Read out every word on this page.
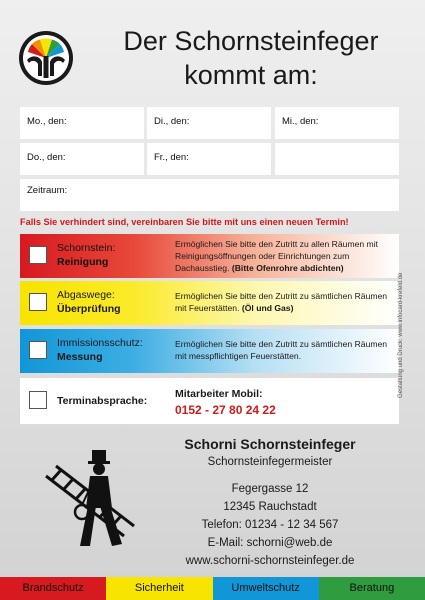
Der Schornsteinfeger
kommt am:
Mo., den:	Di., den:	Mi., den:
Do., den:	Fr., den:
Zeitraum:
Falls Sie verhindert sind, vereinbaren Sie bitte mit uns einen neuen Termin!
Schornstein:
Reinigung
Ermöglichen Sie bitte den Zutritt zu allen Räumen mit Reinigungsöffnungen oder Einrichtungen zum Dachausstieg. (Bitte Ofenrohre abdichten)
Abgaswege:
Überprüfung
Ermöglichen Sie bitte den Zutritt zu sämtlichen Räumen mit Feuerstätten. (Öl und Gas)
Immissionsschutz:
Messung
Ermöglichen Sie bitte den Zutritt zu sämtlichen Räumen mit messpflichtigen Feuerstätten.
Terminabsprache:
Mitarbeiter Mobil:
0152 - 27 80 24 22
Gestaltung und Druck: www.infocard-krefeld.de
Schorni Schornsteinfeger
Schornsteinfegermeister
Fegergasse 12
12345 Rauchstadt
Telefon: 01234 - 12 34 567
E-Mail: schorni@web.de
www.schorni-schornsteinfeger.de
Brandschutz	Sicherheit	Umweltschutz	Beratung
